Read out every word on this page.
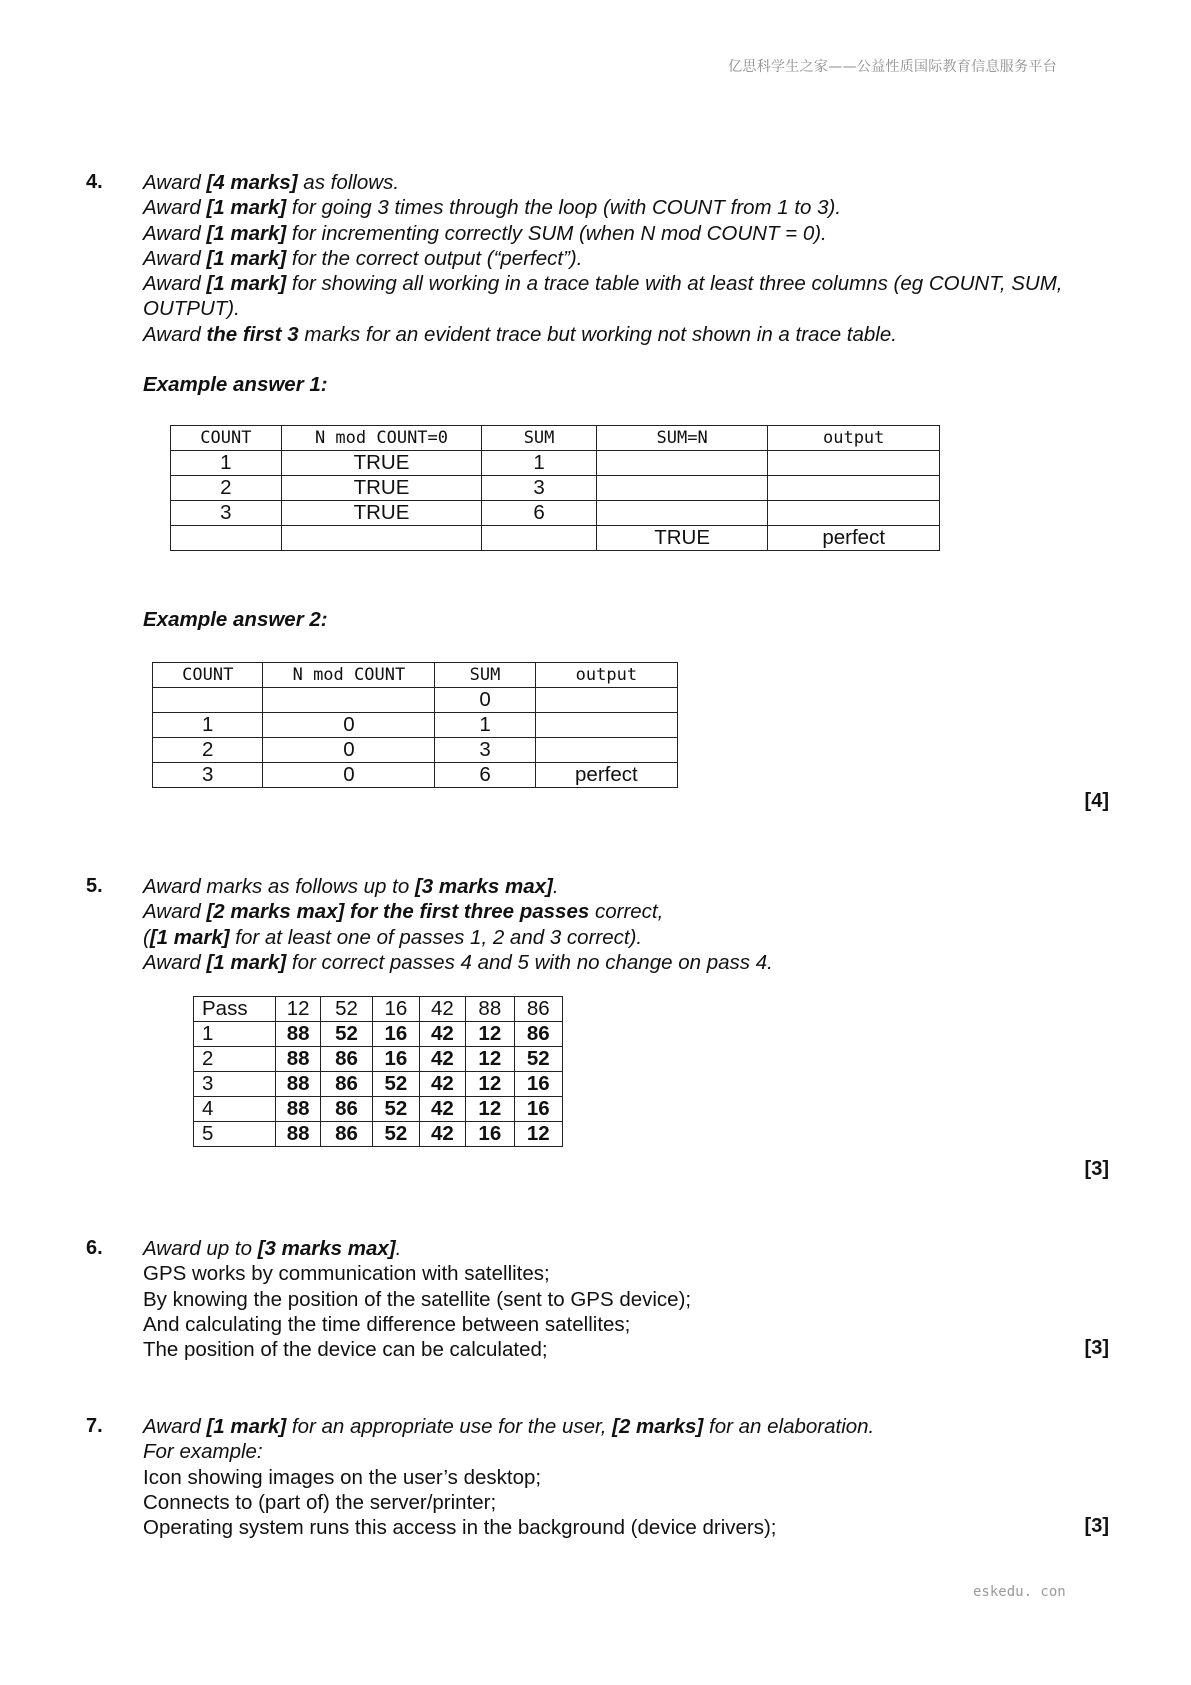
亿思科学生之家——公益性质国际教育信息服务平台
4. Award [4 marks] as follows.

Award [1 mark] for going 3 times through the loop (with COUNT from 1 to 3).

Award [1 mark] for incrementing correctly SUM (when N mod COUNT = 0).

Award [1 mark] for the correct output (“perfect”).

Award [1 mark] for showing all working in a trace table with at least three columns (eg COUNT, SUM, OUTPUT).

Award the first 3 marks for an evident trace but working not shown in a trace table.

Example answer 1:

COUNT	N mod COUNT=0	SUM	SUM=N	output
1	TRUE	1		
2	TRUE	3		
3	TRUE	6		
			TRUE	perfect

Example answer 2:

COUNT	N mod COUNT	SUM	output
		0	
1	0	1	
2	0	3	
3	0	6	perfect
[4]
5. Award marks as follows up to [3 marks max].

Award [2 marks max] for the first three passes correct,

([1 mark] for at least one of passes 1, 2 and 3 correct).

Award [1 mark] for correct passes 4 and 5 with no change on pass 4.

Pass	12	52	16	42	88	86
1	88	52	16	42	12	86
2	88	86	16	42	12	52
3	88	86	52	42	12	16
4	88	86	52	42	12	16
5	88	86	52	42	16	12
[3]
6. Award up to [3 marks max].

GPS works by communication with satellites;

By knowing the position of the satellite (sent to GPS device);

And calculating the time difference between satellites;

The position of the device can be calculated;	[3]
7. Award [1 mark] for an appropriate use for the user, [2 marks] for an elaboration.

For example:

Icon showing images on the user’s desktop;

Connects to (part of) the server/printer;

Operating system runs this access in the background (device drivers);	[3]
eskedu. con
